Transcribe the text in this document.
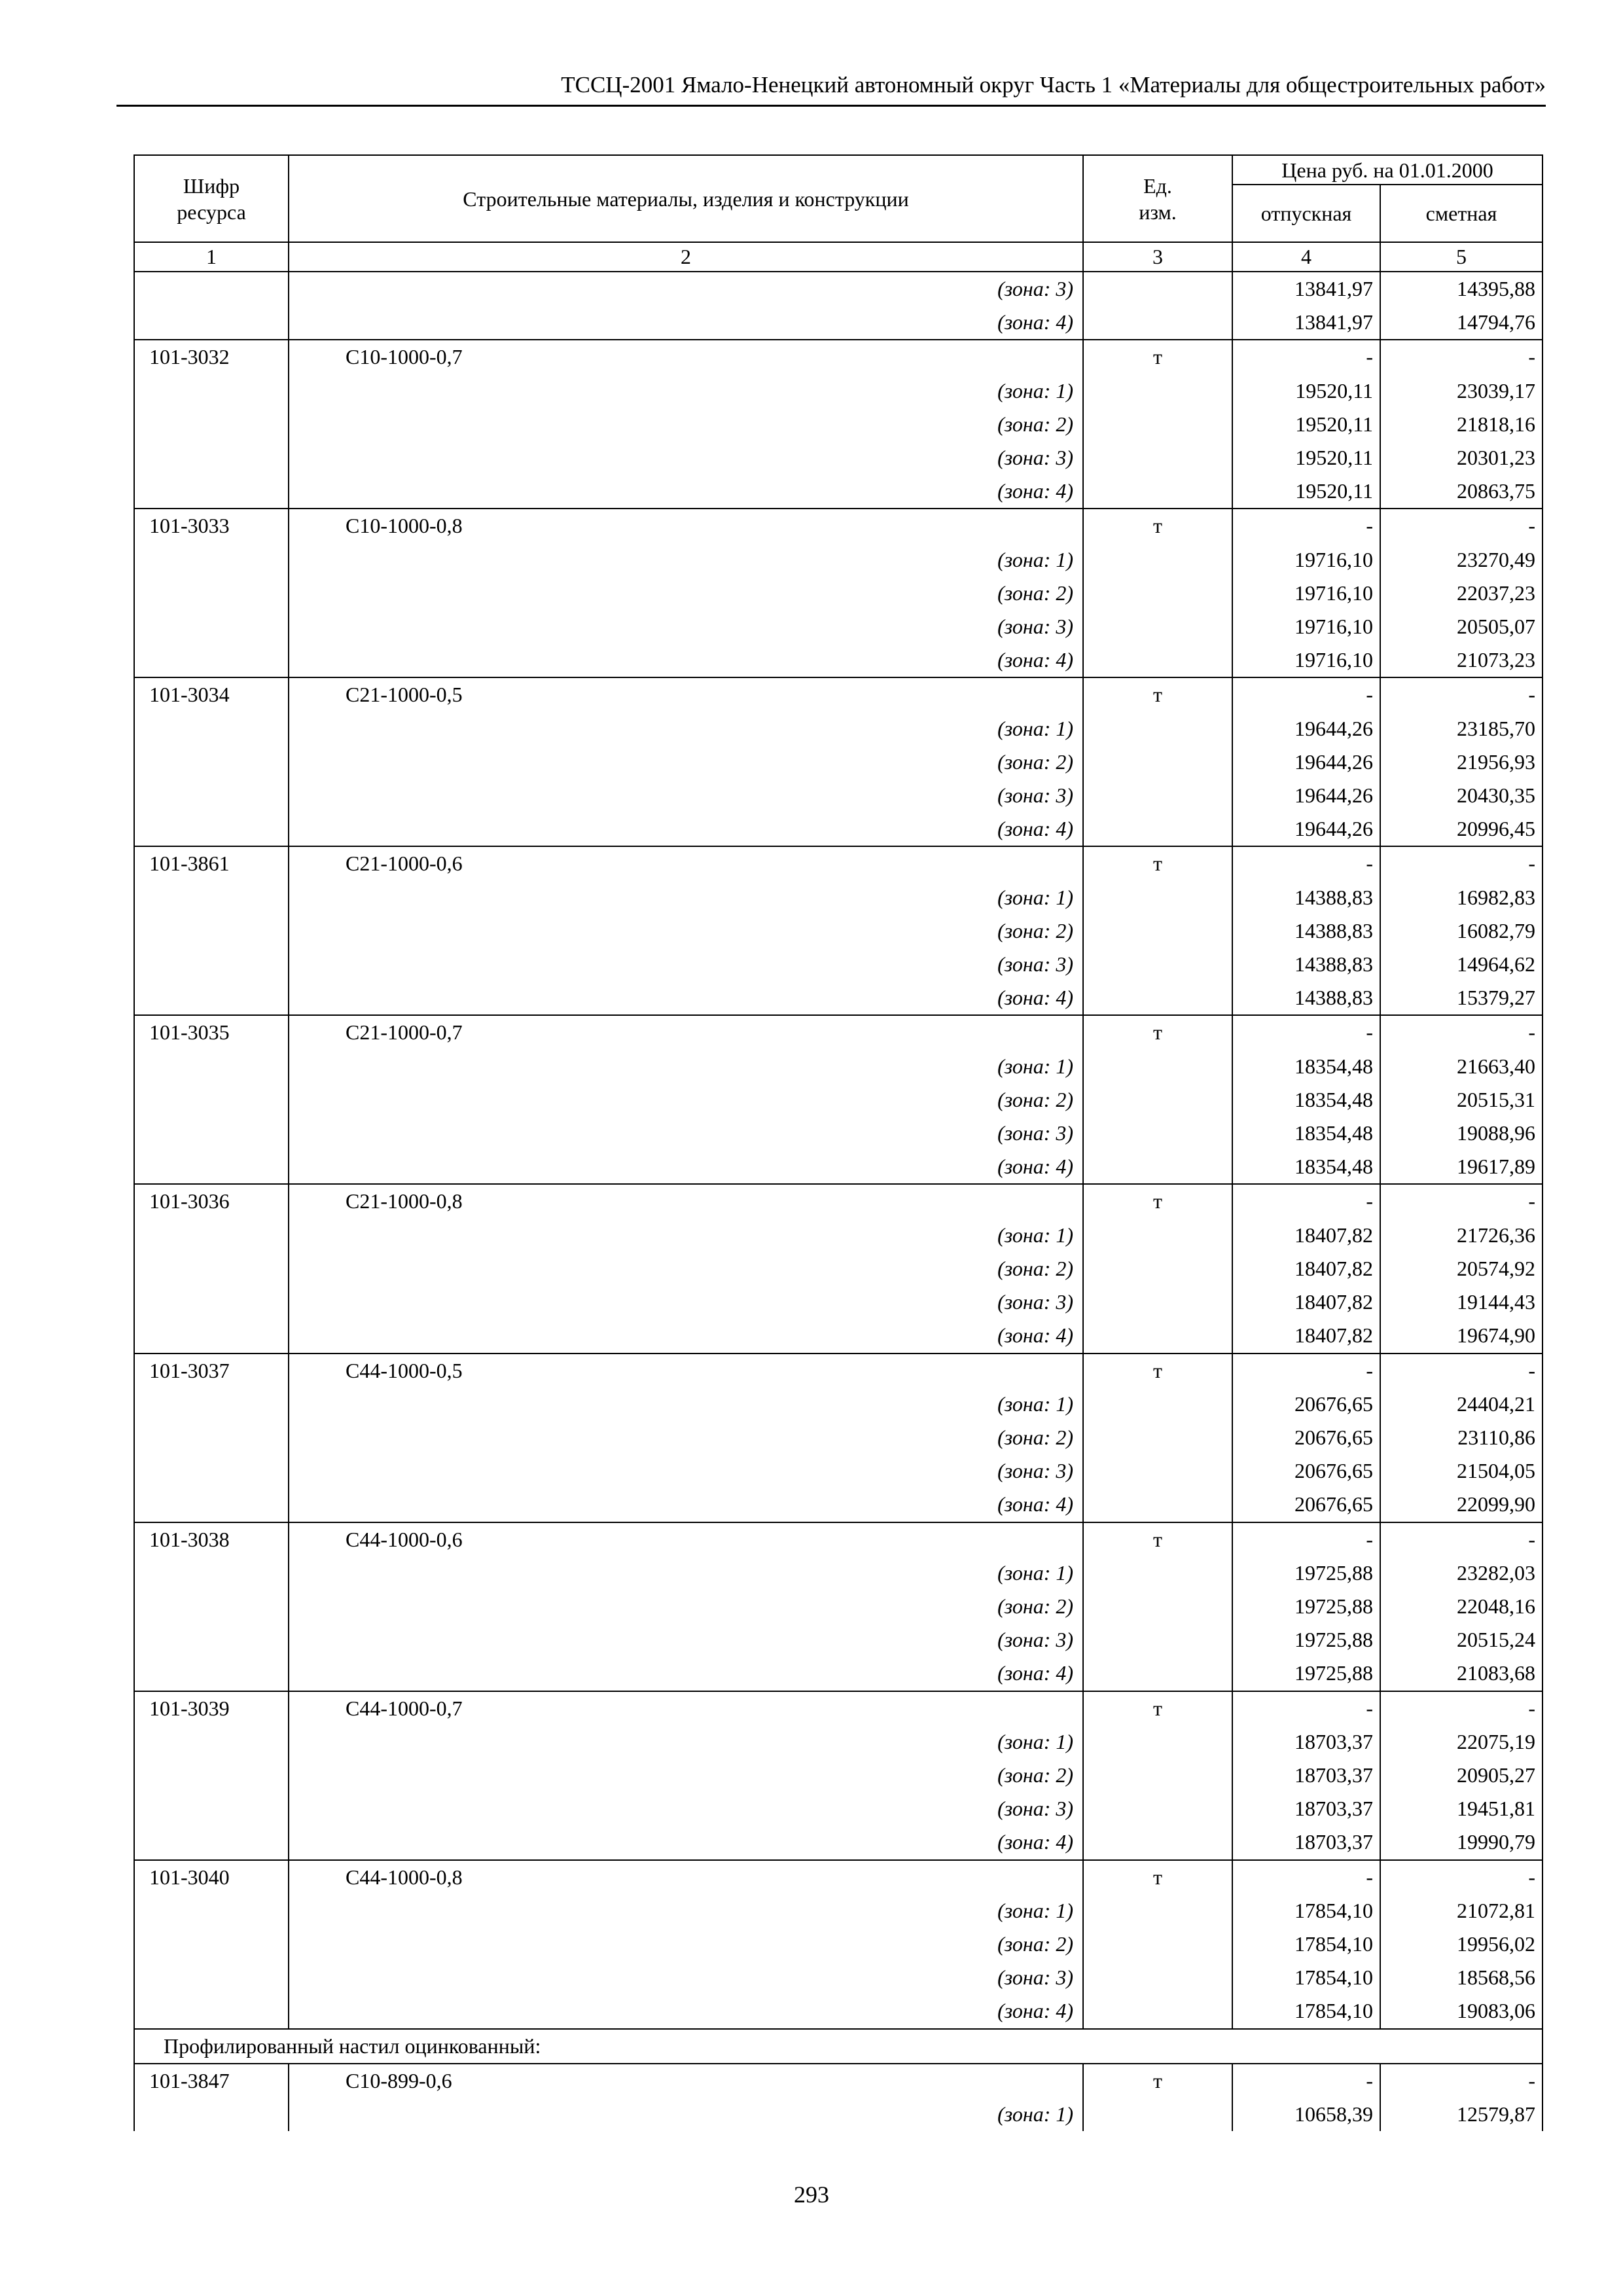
ТССЦ-2001 Ямало-Ненецкий автономный округ Часть 1 «Материалы для общестроительных работ»
Шифр ресурса	Строительные материалы, изделия и конструкции	Ед. изм.	Цена руб. на 01.01.2000	
			отпускная	сметная
1	2	3	4	5
	(зона: 3)		13841,97	14395,88
	(зона: 4)		13841,97	14794,76
101-3032	С10-1000-0,7	т	-	-
	(зона: 1)		19520,11	23039,17
	(зона: 2)		19520,11	21818,16
	(зона: 3)		19520,11	20301,23
	(зона: 4)		19520,11	20863,75
101-3033	С10-1000-0,8	т	-	-
	(зона: 1)		19716,10	23270,49
	(зона: 2)		19716,10	22037,23
	(зона: 3)		19716,10	20505,07
	(зона: 4)		19716,10	21073,23
101-3034	С21-1000-0,5	т	-	-
	(зона: 1)		19644,26	23185,70
	(зона: 2)		19644,26	21956,93
	(зона: 3)		19644,26	20430,35
	(зона: 4)		19644,26	20996,45
101-3861	С21-1000-0,6	т	-	-
	(зона: 1)		14388,83	16982,83
	(зона: 2)		14388,83	16082,79
	(зона: 3)		14388,83	14964,62
	(зона: 4)		14388,83	15379,27
101-3035	С21-1000-0,7	т	-	-
	(зона: 1)		18354,48	21663,40
	(зона: 2)		18354,48	20515,31
	(зона: 3)		18354,48	19088,96
	(зона: 4)		18354,48	19617,89
101-3036	С21-1000-0,8	т	-	-
	(зона: 1)		18407,82	21726,36
	(зона: 2)		18407,82	20574,92
	(зона: 3)		18407,82	19144,43
	(зона: 4)		18407,82	19674,90
101-3037	С44-1000-0,5	т	-	-
	(зона: 1)		20676,65	24404,21
	(зона: 2)		20676,65	23110,86
	(зона: 3)		20676,65	21504,05
	(зона: 4)		20676,65	22099,90
101-3038	С44-1000-0,6	т	-	-
	(зона: 1)		19725,88	23282,03
	(зона: 2)		19725,88	22048,16
	(зона: 3)		19725,88	20515,24
	(зона: 4)		19725,88	21083,68
101-3039	С44-1000-0,7	т	-	-
	(зона: 1)		18703,37	22075,19
	(зона: 2)		18703,37	20905,27
	(зона: 3)		18703,37	19451,81
	(зона: 4)		18703,37	19990,79
101-3040	С44-1000-0,8	т	-	-
	(зона: 1)		17854,10	21072,81
	(зона: 2)		17854,10	19956,02
	(зона: 3)		17854,10	18568,56
	(зона: 4)		17854,10	19083,06
Профилированный настил оцинкованный:				
101-3847	С10-899-0,6	т	-	-
	(зона: 1)		10658,39	12579,87
293
